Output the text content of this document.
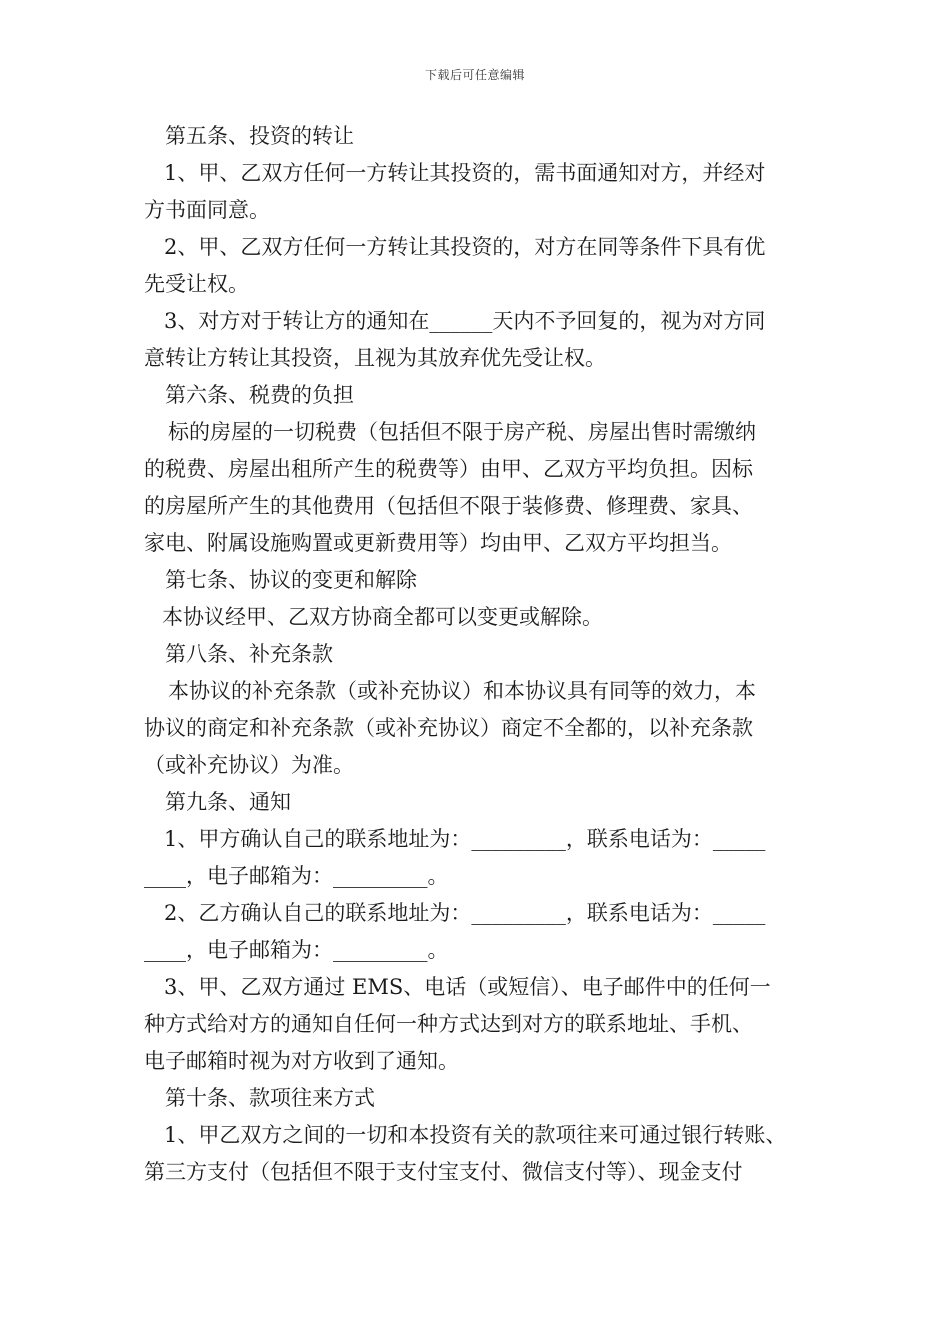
下载后可任意编辑
第五条、投资的转让
1、甲、乙双方任何一方转让其投资的，需书面通知对方，并经对
方书面同意。
2、甲、乙双方任何一方转让其投资的，对方在同等条件下具有优
先受让权。
3、对方对于转让方的通知在______天内不予回复的，视为对方同
意转让方转让其投资，且视为其放弃优先受让权。
第六条、税费的负担
标的房屋的一切税费（包括但不限于房产税、房屋出售时需缴纳
的税费、房屋出租所产生的税费等）由甲、乙双方平均负担。因标
的房屋所产生的其他费用（包括但不限于装修费、修理费、家具、
家电、附属设施购置或更新费用等）均由甲、乙双方平均担当。
第七条、协议的变更和解除
本协议经甲、乙双方协商全都可以变更或解除。
第八条、补充条款
本协议的补充条款（或补充协议）和本协议具有同等的效力，本
协议的商定和补充条款（或补充协议）商定不全都的，以补充条款
（或补充协议）为准。
第九条、通知
1、甲方确认自己的联系地址为：_________，联系电话为：_____
____，电子邮箱为：_________。
2、乙方确认自己的联系地址为：_________，联系电话为：_____
____，电子邮箱为：_________。
3、甲、乙双方通过 EMS、电话（或短信）、电子邮件中的任何一
种方式给对方的通知自任何一种方式达到对方的联系地址、手机、
电子邮箱时视为对方收到了通知。
第十条、款项往来方式
1、甲乙双方之间的一切和本投资有关的款项往来可通过银行转账、
第三方支付（包括但不限于支付宝支付、微信支付等）、现金支付
